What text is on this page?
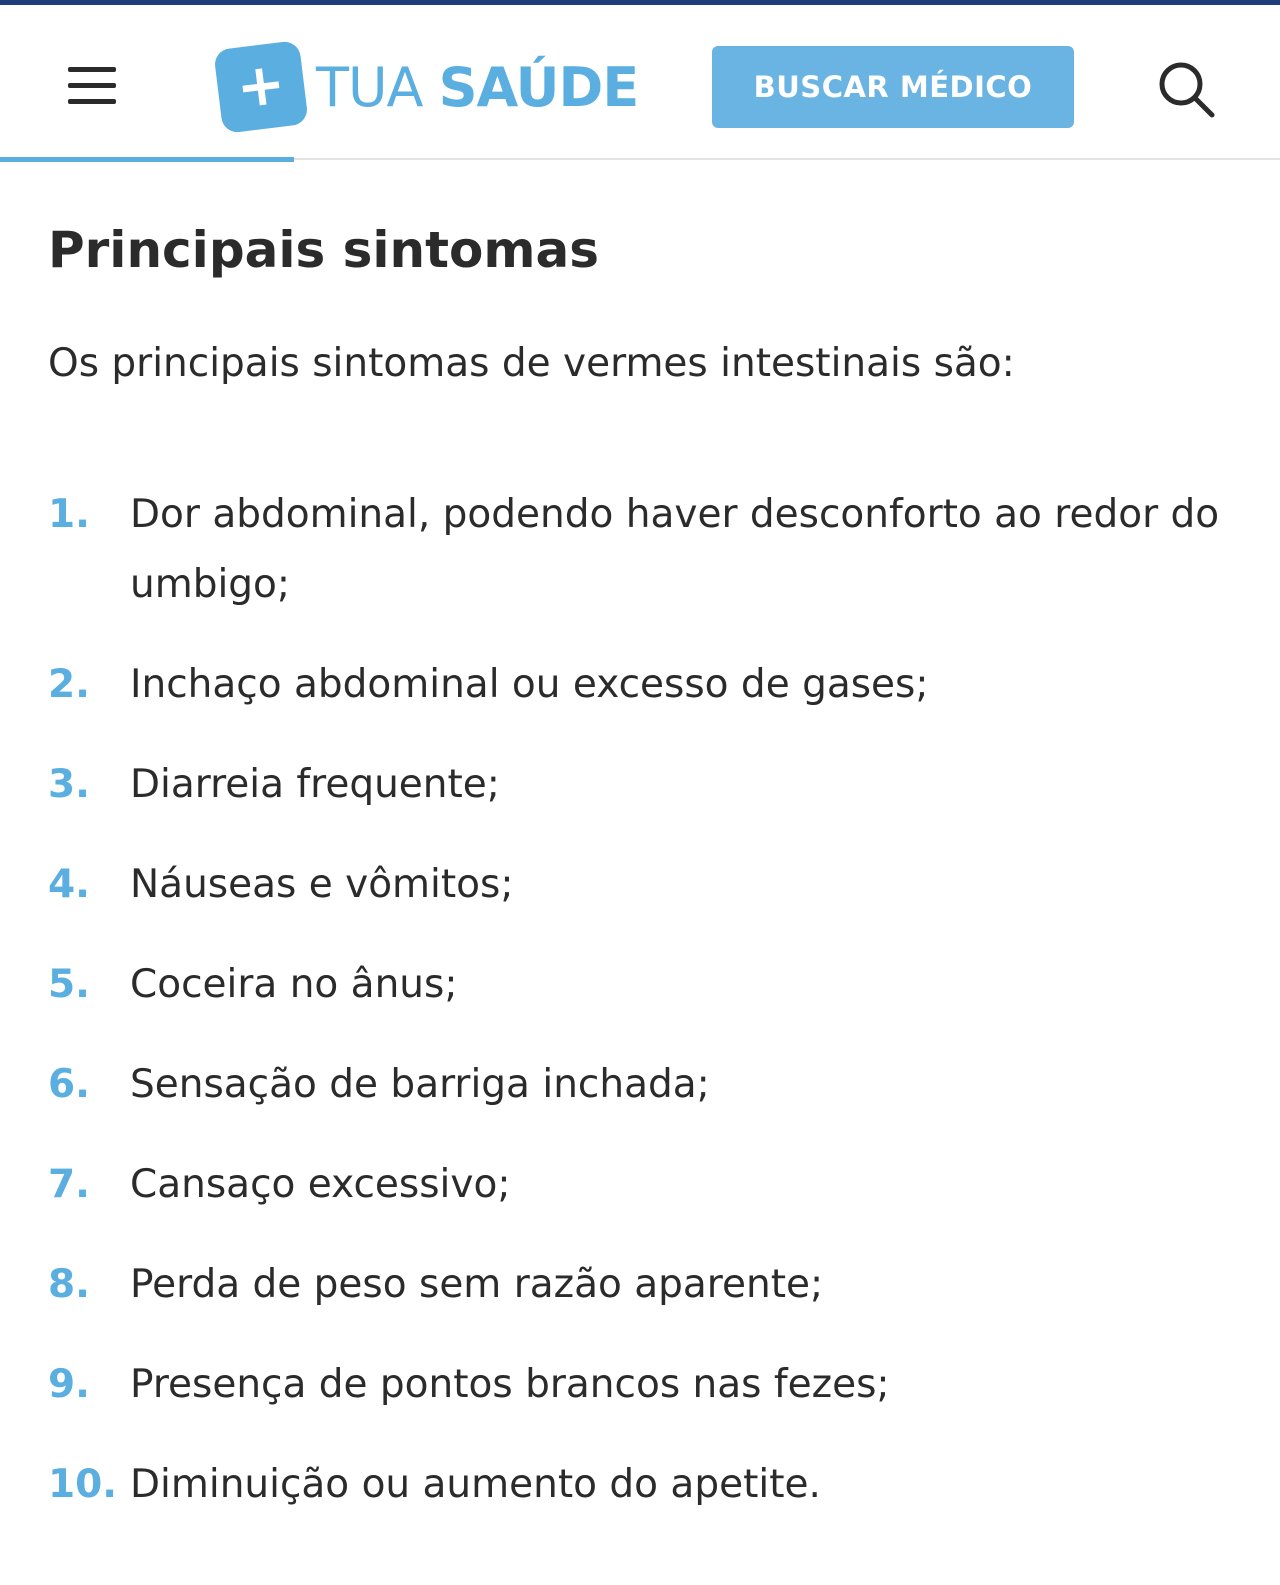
+ TUA SAÚDE	BUSCAR MÉDICO
Principais sintomas

Os principais sintomas de vermes intestinais são:

1. Dor abdominal, podendo haver desconforto ao redor do umbigo;
2. Inchaço abdominal ou excesso de gases;
3. Diarreia frequente;
4. Náuseas e vômitos;
5. Coceira no ânus;
6. Sensação de barriga inchada;
7. Cansaço excessivo;
8. Perda de peso sem razão aparente;
9. Presença de pontos brancos nas fezes;
10. Diminuição ou aumento do apetite.
